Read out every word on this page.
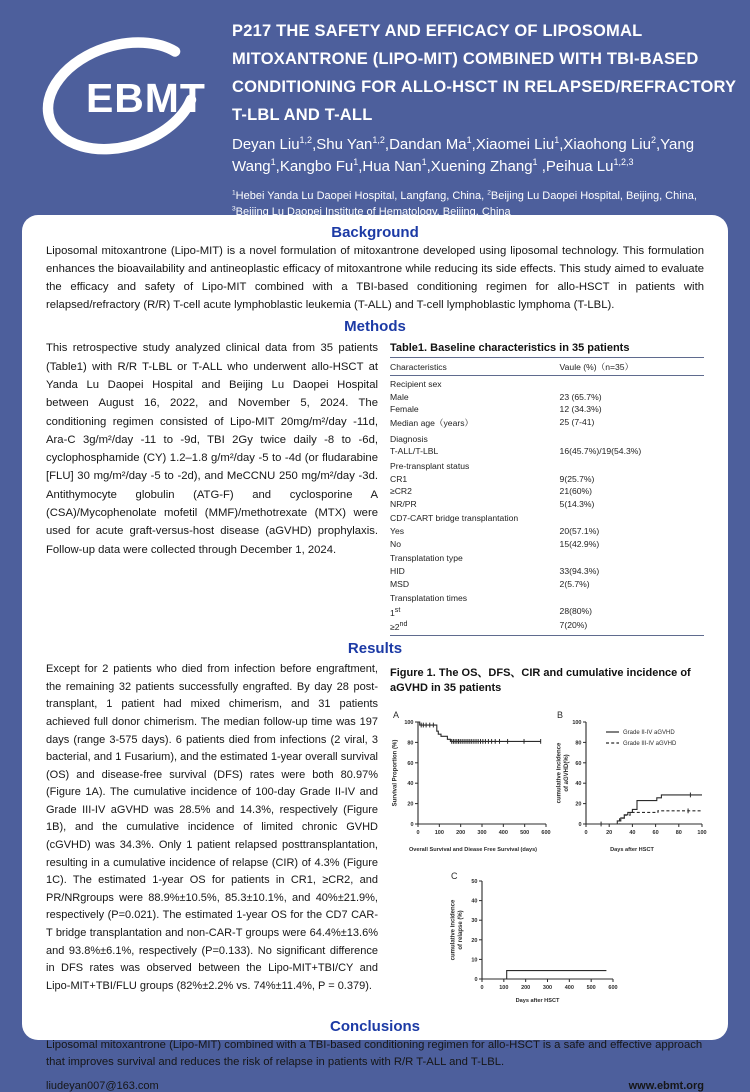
EBMT
P217 THE SAFETY AND EFFICACY OF LIPOSOMAL MITOXANTRONE (LIPO-MIT) COMBINED WITH TBI-BASED CONDITIONING FOR ALLO-HSCT IN RELAPSED/REFRACTORY T-LBL AND T-ALL

Deyan Liu$^{1,2}$,Shu Yan$^{1,2}$,Dandan Ma$^1$,Xiaomei Liu$^1$,Xiaohong Liu$^2$,Yang Wang$^1$,Kangbo Fu$^1$,Hua Nan$^1$,Xuening Zhang$^1$ ,Peihua Lu$^{1,2,3}$

$^1$Hebei Yanda Lu Daopei Hospital, Langfang, China, $^2$Beijing Lu Daopei Hospital, Beijing, China, $^3$Beijing Lu Daopei Institute of Hematology, Beijing, China

Background

Liposomal mitoxantrone (Lipo-MIT) is a novel formulation of mitoxantrone developed using liposomal technology. This formulation enhances the bioavailability and antineoplastic efficacy of mitoxantrone while reducing its side effects. This study aimed to evaluate the efficacy and safety of Lipo-MIT combined with a TBI-based conditioning regimen for allo-HSCT in patients with relapsed/refractory (R/R) T-cell acute lymphoblastic leukemia (T-ALL) and T-cell lymphoblastic lymphoma (T-LBL).

Methods

This retrospective study analyzed clinical data from 35 patients (Table1) with R/R T-LBL or T-ALL who underwent allo-HSCT at Yanda Lu Daopei Hospital and Beijing Lu Daopei Hospital between August 16, 2022, and November 5, 2024. The conditioning regimen consisted of Lipo-MIT 20mg/m²/day -11d, Ara-C 3g/m²/day -11 to -9d, TBI 2Gy twice daily -8 to -6d, cyclophosphamide (CY) 1.2–1.8 g/m²/day -5 to -4d (or fludarabine [FLU] 30 mg/m²/day -5 to -2d), and MeCCNU 250 mg/m²/day -3d. Antithymocyte globulin (ATG-F) and cyclosporine A (CSA)/Mycophenolate mofetil (MMF)/methotrexate (MTX) were used for acute graft-versus-host disease (aGVHD) prophylaxis. Follow-up data were collected through December 1, 2024.

Table1. Baseline characteristics in 35 patients
Characteristics	Vaule (%)（n=35）
Recipient sex	
Male	23 (65.7%)
Female	12 (34.3%)
Median age（years）	25 (7-41)
Diagnosis	
T-ALL/T-LBL	16(45.7%)/19(54.3%)
Pre-transplant status	
CR1	9(25.7%)
≥CR2	21(60%)
NR/PR	5(14.3%)
CD7-CART bridge transplantation	
Yes	20(57.1%)
No	15(42.9%)
Transplatation type	
HID	33(94.3%)
MSD	2(5.7%)
Transplatation times	
1st	28(80%)
≥2nd	7(20%)
Results

Except for 2 patients who died from infection before engraftment, the remaining 32 patients successfully engrafted. By day 28 post-transplant, 1 patient had mixed chimerism, and 31 patients achieved full donor chimerism. The median follow-up time was 197 days (range 3-575 days). 6 patients died from infections (2 viral, 3 bacterial, and 1 Fusarium), and the estimated 1-year overall survival (OS) and disease-free survival (DFS) rates were both 80.97% (Figure 1A). The cumulative incidence of 100-day Grade II-IV and Grade III-IV aGVHD was 28.5% and 14.3%, respectively (Figure 1B), and the cumulative incidence of limited chronic GVHD (cGVHD) was 34.3%. Only 1 patient relapsed posttransplantation, resulting in a cumulative incidence of relapse (CIR) of 4.3% (Figure 1C). The estimated 1-year OS for patients in CR1, ≥CR2, and PR/NRgroups were 88.9%±10.5%, 85.3±10.1%, and 40%±21.9%, respectively (P=0.021). The estimated 1-year OS for the CD7 CAR-T bridge transplantation and non-CAR-T groups were 64.4%±13.6% and 93.8%±6.1%, respectively (P=0.133). No significant difference in DFS rates was observed between the Lipo-MIT+TBI/CY and Lipo-MIT+TBI/FLU groups (82%±2.2% vs. 74%±11.4%, P = 0.379).

Figure 1. The OS、DFS、CIR and cumulative incidence of aGVHD in 35 patients
0	100 200 300 400 500 600
0
20
40
60
80
100
Overall Survival and Diease Free Survival (days)
Survival Proportion (%)
A
0	20	40	60	80	100
0
20
40
60
80
100
Days after HSCT
cumulative incidence of aGVHD(%)
Grade II-IV aGVHD
Grade III-IV aGVHD
B
0	100 200 300 400 500 600
0
10
20
30
40
50
Days after HSCT
cumulative incidence of relapse (%)
C
Conclusions

Liposomal mitoxantrone (Lipo-MIT) combined with a TBI-based conditioning regimen for allo-HSCT is a safe and effective approach that improves survival and reduces the risk of relapse in patients with R/R T-ALL and T-LBL.

liudeyan007@163.com	www.ebmt.org
